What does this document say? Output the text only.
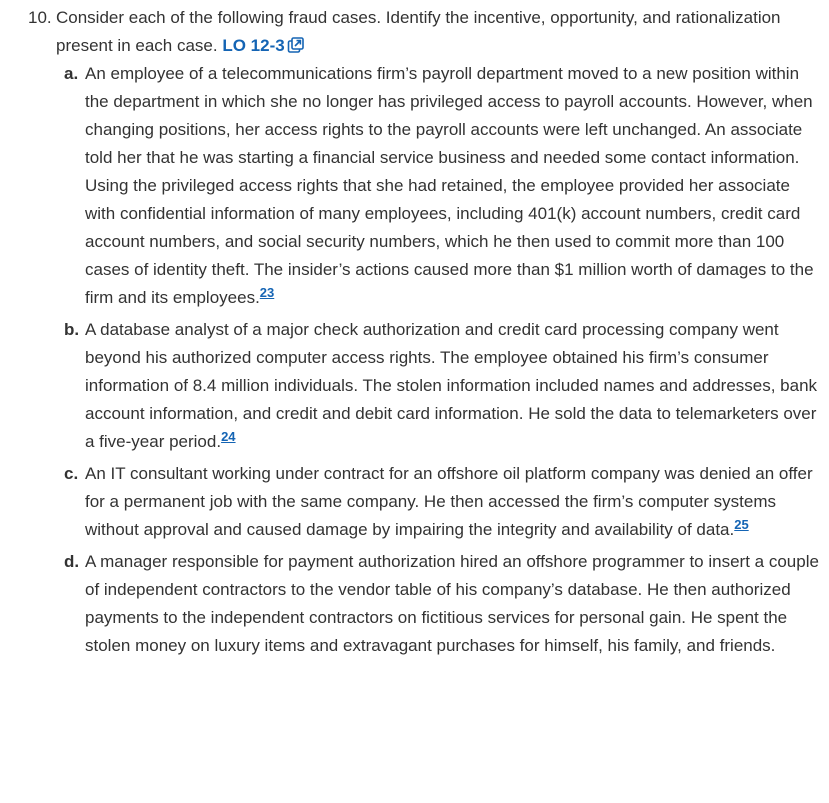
10. Consider each of the following fraud cases. Identify the incentive, opportunity, and rationalization present in each case. LO 12-3

a. An employee of a telecommunications firm’s payroll department moved to a new position within the department in which she no longer has privileged access to payroll accounts. However, when changing positions, her access rights to the payroll accounts were left unchanged. An associate told her that he was starting a financial service business and needed some contact information. Using the privileged access rights that she had retained, the employee provided her associate with confidential information of many employees, including 401(k) account numbers, credit card account numbers, and social security numbers, which he then used to commit more than 100 cases of identity theft. The insider’s actions caused more than $1 million worth of damages to the firm and its employees.$^{23}$
b. A database analyst of a major check authorization and credit card processing company went beyond his authorized computer access rights. The employee obtained his firm’s consumer information of 8.4 million individuals. The stolen information included names and addresses, bank account information, and credit and debit card information. He sold the data to telemarketers over a five-year period.$^{24}$
c. An IT consultant working under contract for an offshore oil platform company was denied an offer for a permanent job with the same company. He then accessed the firm’s computer systems without approval and caused damage by impairing the integrity and availability of data.$^{25}$
d. A manager responsible for payment authorization hired an offshore programmer to insert a couple of independent contractors to the vendor table of his company’s database. He then authorized payments to the independent contractors on fictitious services for personal gain. He spent the stolen money on luxury items and extravagant purchases for himself, his family, and friends.
